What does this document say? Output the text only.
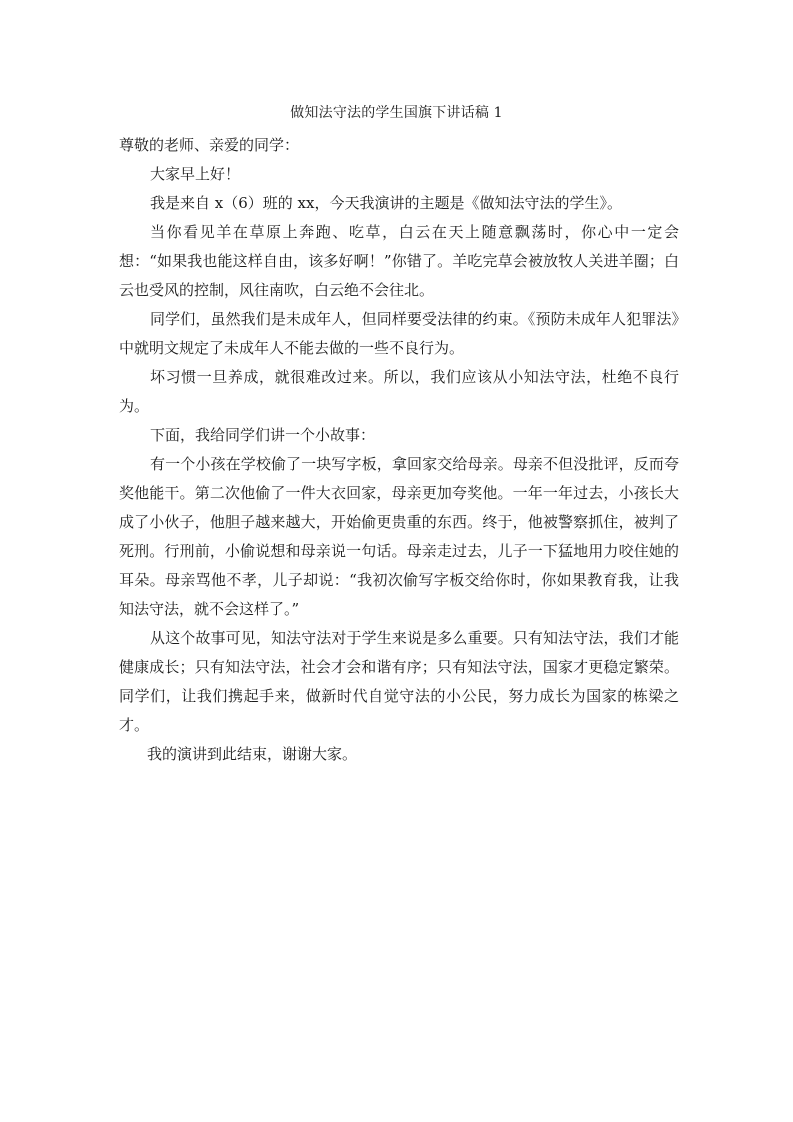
做知法守法的学生国旗下讲话稿 1

尊敬的老师、亲爱的同学：

大家早上好！

我是来自 x（6）班的 xx，今天我演讲的主题是《做知法守法的学生》。

当你看见羊在草原上奔跑、吃草，白云在天上随意飘荡时，你心中一定会想：“如果我也能这样自由，该多好啊！”你错了。羊吃完草会被放牧人关进羊圈；白云也受风的控制，风往南吹，白云绝不会往北。

同学们，虽然我们是未成年人，但同样要受法律的约束。《预防未成年人犯罪法》中就明文规定了未成年人不能去做的一些不良行为。

坏习惯一旦养成，就很难改过来。所以，我们应该从小知法守法，杜绝不良行为。

下面，我给同学们讲一个小故事：

有一个小孩在学校偷了一块写字板，拿回家交给母亲。母亲不但没批评，反而夸奖他能干。第二次他偷了一件大衣回家，母亲更加夸奖他。一年一年过去，小孩长大成了小伙子，他胆子越来越大，开始偷更贵重的东西。终于，他被警察抓住，被判了死刑。行刑前，小偷说想和母亲说一句话。母亲走过去，儿子一下猛地用力咬住她的耳朵。母亲骂他不孝，儿子却说：“我初次偷写字板交给你时，你如果教育我，让我知法守法，就不会这样了。”

从这个故事可见，知法守法对于学生来说是多么重要。只有知法守法，我们才能健康成长；只有知法守法，社会才会和谐有序；只有知法守法，国家才更稳定繁荣。同学们，让我们携起手来，做新时代自觉守法的小公民，努力成长为国家的栋梁之才。

我的演讲到此结束，谢谢大家。
